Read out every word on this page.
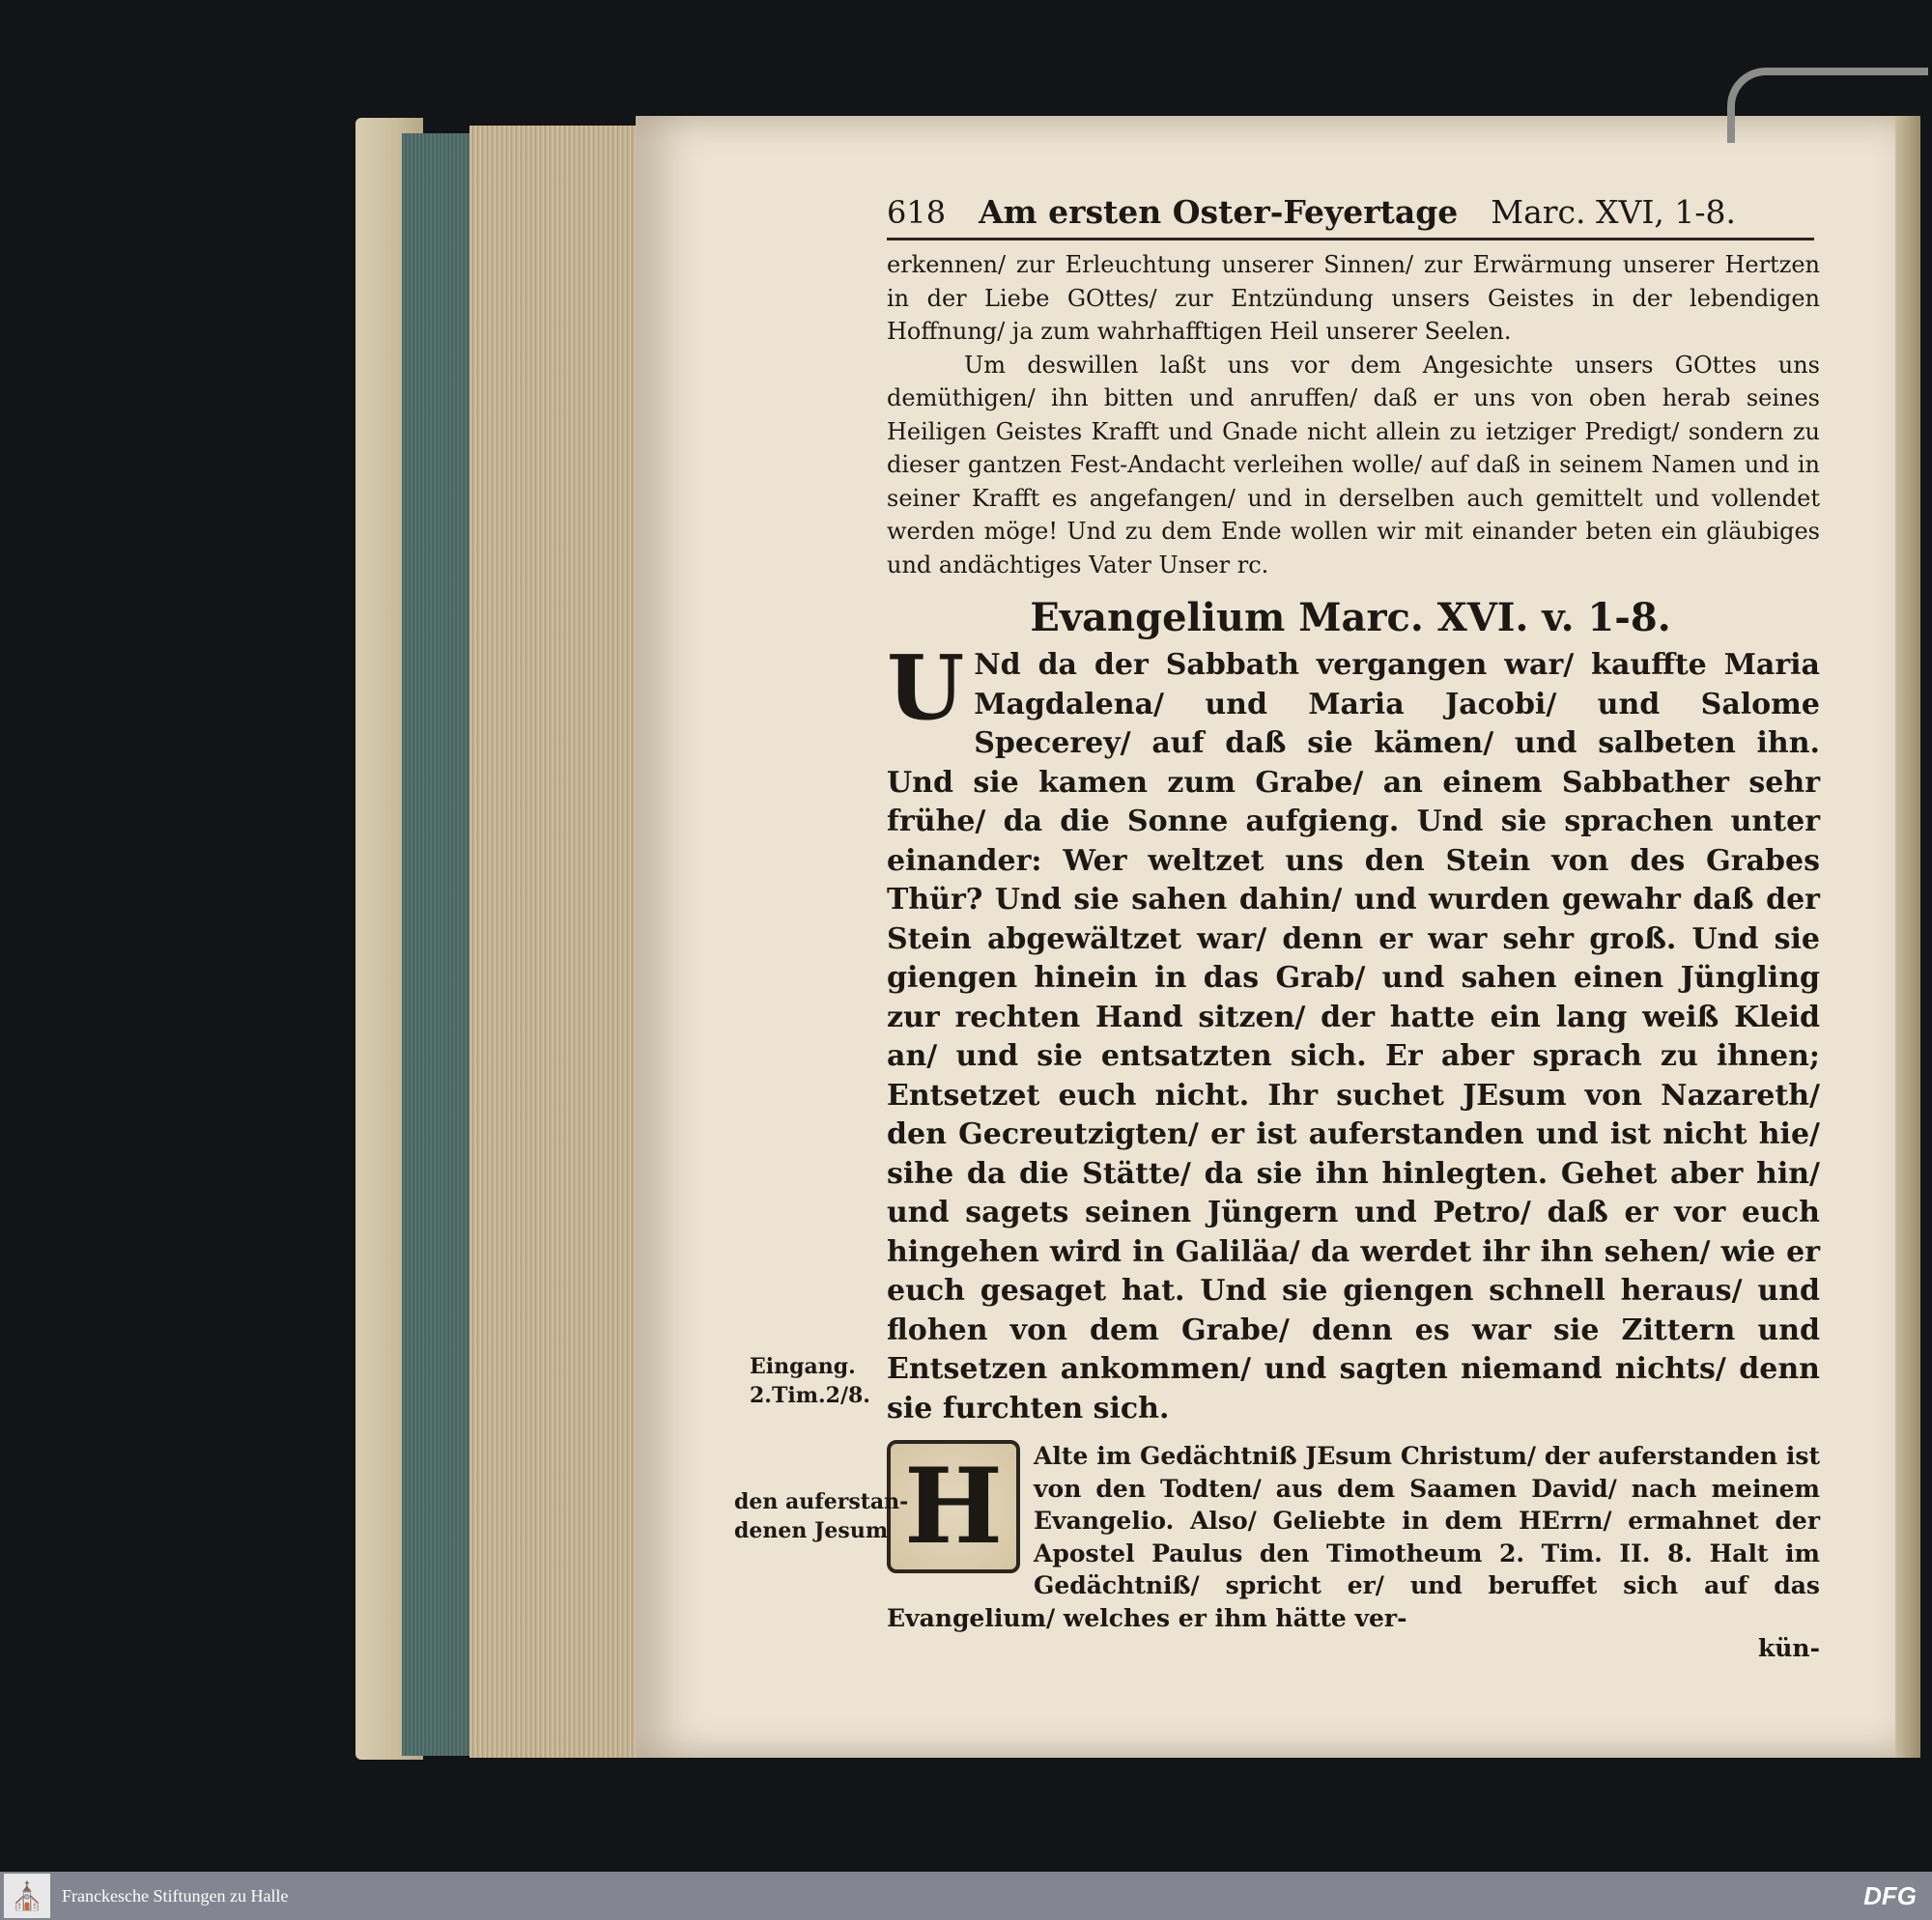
618 Am ersten Oster-Feyertage Marc. XVI, 1-8.

erkennen/ zur Erleuchtung unserer Sinnen/ zur Erwärmung unserer Hertzen in der Liebe GOttes/ zur Entzündung unsers Geistes in der lebendigen Hoffnung/ ja zum wahrhafftigen Heil unserer Seelen.

Um deswillen laßt uns vor dem Angesichte unsers GOttes uns demüthigen/ ihn bitten und anruffen/ daß er uns von oben herab seines Heiligen Geistes Krafft und Gnade nicht allein zu ietziger Predigt/ sondern zu dieser gantzen Fest-Andacht verleihen wolle/ auf daß in seinem Namen und in seiner Krafft es angefangen/ und in derselben auch gemittelt und vollendet werden möge! Und zu dem Ende wollen wir mit einander beten ein gläubiges und andächtiges Vater Unser rc.

Evangelium Marc. XVI. v. 1-8.

U Nd da der Sabbath vergangen war/ kauffte Maria Magdalena/ und Maria Jacobi/ und Salome Specerey/ auf daß sie kämen/ und salbeten ihn. Und sie kamen zum Grabe/ an einem Sabbather sehr frühe/ da die Sonne aufgieng. Und sie sprachen unter einander: Wer weltzet uns den Stein von des Grabes Thür? Und sie sahen dahin/ und wurden gewahr daß der Stein abgewältzet war/ denn er war sehr groß. Und sie giengen hinein in das Grab/ und sahen einen Jüngling zur rechten Hand sitzen/ der hatte ein lang weiß Kleid an/ und sie entsatzten sich. Er aber sprach zu ihnen; Entsetzet euch nicht. Ihr suchet JEsum von Nazareth/ den Gecreutzigten/ er ist auferstanden und ist nicht hie/ sihe da die Stätte/ da sie ihn hinlegten. Gehet aber hin/ und sagets seinen Jüngern und Petro/ daß er vor euch hingehen wird in Galiläa/ da werdet ihr ihn sehen/ wie er euch gesaget hat. Und sie giengen schnell heraus/ und flohen von dem Grabe/ denn es war sie Zittern und Entsetzen ankommen/ und sagten niemand nichts/ denn sie furchten sich.

H	Alte im Gedächtniß JEsum Christum/ der auferstanden ist von den Todten/ aus dem Saamen David/ nach meinem Evangelio. Also/ Geliebte in dem HErrn/ ermahnet der Apostel Paulus den Timotheum 2. Tim. II. 8. Halt im Gedächtniß/ spricht er/ und beruffet sich auf das Evangelium/ welches er ihm hätte ver-

kün-
Eingang.
2.Tim.2/8.
den auferstan-
denen Jesum
⛪	Franckesche Stiftungen zu Halle	DFG
